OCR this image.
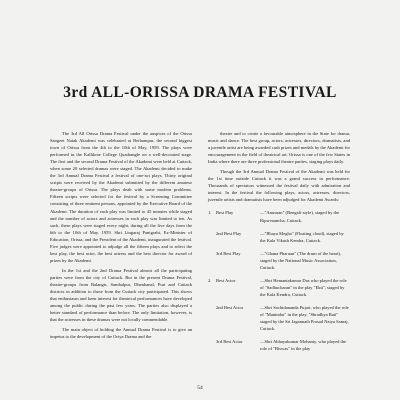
3rd ALL-ORISSA DRAMA FESTIVAL

The 3rd All Orissa Drama Festival under the auspices of the Orissa Sangeet Natak Akademi was celebrated at Berhampur, the second biggest town of Orissa from the 4th to the 10th of May, 1959. The plays were performed in the Kallikote College Quadrangle on a well-decorated stage. The first and the second Drama Festival of the Akademi were held at Cuttack, when some 20 selected dramas were staged. The Akademi decided to make the 3rd Annual Drama Festival a festival of one-act plays. Thirty original scripts were received by the Akademi submitted by the different amateur theatre-groups of Orissa. The plays dealt with some modern problems. Fifteen scripts were selected for the festival by a Screening Committee consisting of three eminent persons, appointed by the Executive Board of the Akademi. The duration of each play was limited to 45 minutes while staged and the number of actors and actresses in each play was limited to ten. As such, these plays were staged every night, during all the five days from the 6th to the 10th of May, 1959. Shri Lingaraj Panigrahi, Ex-Minister of Education, Orissa, and the President of the Akademi, inaugurated the festival. Five judges were appointed to adjudge all the fifteen plays and to select the best play, the best actor, the best actress and the best director for award of prizes by the Akademi.

In the 1st and the 2nd Drama Festival almost all the participating parties were from the city of Cuttack. But in the present Drama Festival, theatre-groups from Balangir, Sambalpur, Dhenkanal, Puri and Cuttack districts in addition to those from the Cuttack city participated. This shows that enthusiasm and keen interest for theatrical performances have developed among the public during the past few years. The parties also displayed a better standard of performance than before. The only limitation, however, is that the actresses in these dramas were not locally commendable.

The main object of holding the Annual Drama Festival is to give an impetus to the development of the Oriya Drama and the

theatre and to create a favourable atmosphere in the State for drama, music and dance. The best group, actors, actresses, directors, dramatists, and a juvenile artist are being awarded cash prizes and medals by the Akademi for encouragement in the field of theatrical art. Orissa is one of the few States in India where there are three professional theatre parties, staging plays daily.

Though the 3rd Annual Drama Festival of the Akademi was held for the 1st time outside Cuttack it was a grand success in performance. Thousands of spectators witnessed the festival daily with admiration and interest. In the festival the following plays, actors, actresses, directors, juvenile artists and dramatists have been adjudged for Akademi Awards:

1.	Best Play	—"Anusuan" (Bengali-style), staged by the Ripu-mancha, Cuttack.
2nd Best Play	—"Bhaya Megha" (Floating cloud), staged by the Kala Vikash Kendra, Cuttack.
3rd Best Play	—"Ghana Pharuan" (The drum of the heart), staged by the National Music Association, Cuttack.
2.	Best Actor	—Shri Hemantakumar Das who played the role of "Sadhucharan" in the play "Ekti", staged by the Kala Kendra, Cuttack.
2nd Best Actor	—Shri Sachidananda Pujari, who played the role of "Manindar" in the play, "Shradhya Bati" staged by the Sri Jagannath Prasad Natya Samaj, Cuttack.
3rd Best Actor	—Shri Abhayakumar Mohanty, who played the role of "Biswas" in the play
54
